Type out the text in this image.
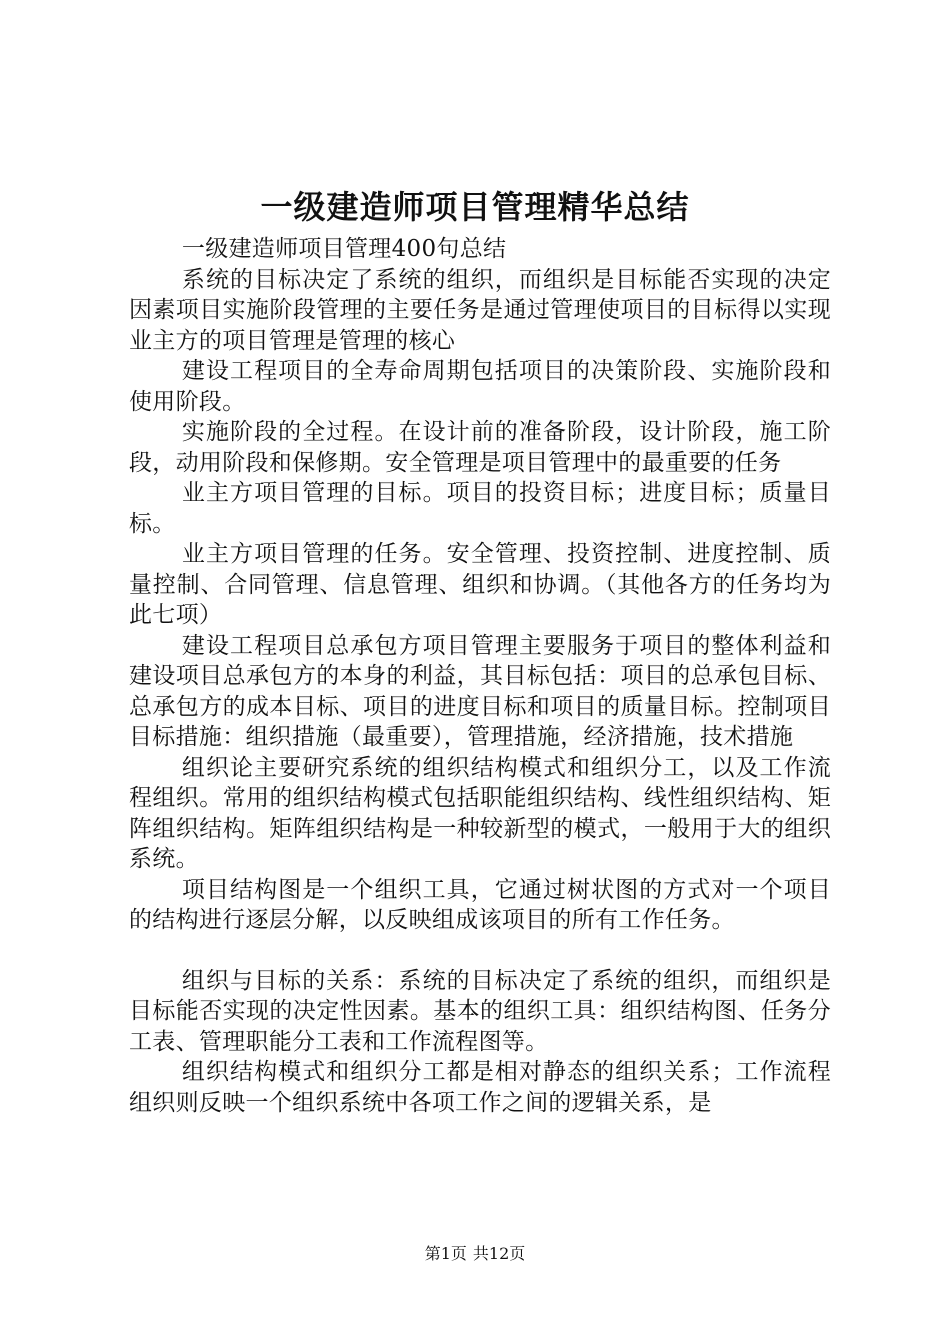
一级建造师项目管理精华总结

一级建造师项目管理400句总结

系统的目标决定了系统的组织，而组织是目标能否实现的决定因素项目实施阶段管理的主要任务是通过管理使项目的目标得以实现业主方的项目管理是管理的核心

建设工程项目的全寿命周期包括项目的决策阶段、实施阶段和使用阶段。

实施阶段的全过程。在设计前的准备阶段，设计阶段，施工阶段，动用阶段和保修期。安全管理是项目管理中的最重要的任务

业主方项目管理的目标。项目的投资目标；进度目标；质量目标。

业主方项目管理的任务。安全管理、投资控制、进度控制、质量控制、合同管理、信息管理、组织和协调。（其他各方的任务均为此七项）

建设工程项目总承包方项目管理主要服务于项目的整体利益和建设项目总承包方的本身的利益，其目标包括：项目的总承包目标、总承包方的成本目标、项目的进度目标和项目的质量目标。控制项目目标措施：组织措施（最重要），管理措施，经济措施，技术措施

组织论主要研究系统的组织结构模式和组织分工，以及工作流程组织。常用的组织结构模式包括职能组织结构、线性组织结构、矩阵组织结构。矩阵组织结构是一种较新型的模式，一般用于大的组织系统。

项目结构图是一个组织工具，它通过树状图的方式对一个项目的结构进行逐层分解，以反映组成该项目的所有工作任务。

组织与目标的关系：系统的目标决定了系统的组织，而组织是目标能否实现的决定性因素。基本的组织工具：组织结构图、任务分工表、管理职能分工表和工作流程图等。

组织结构模式和组织分工都是相对静态的组织关系；工作流程组织则反映一个组织系统中各项工作之间的逻辑关系，是

第1页 共12页
